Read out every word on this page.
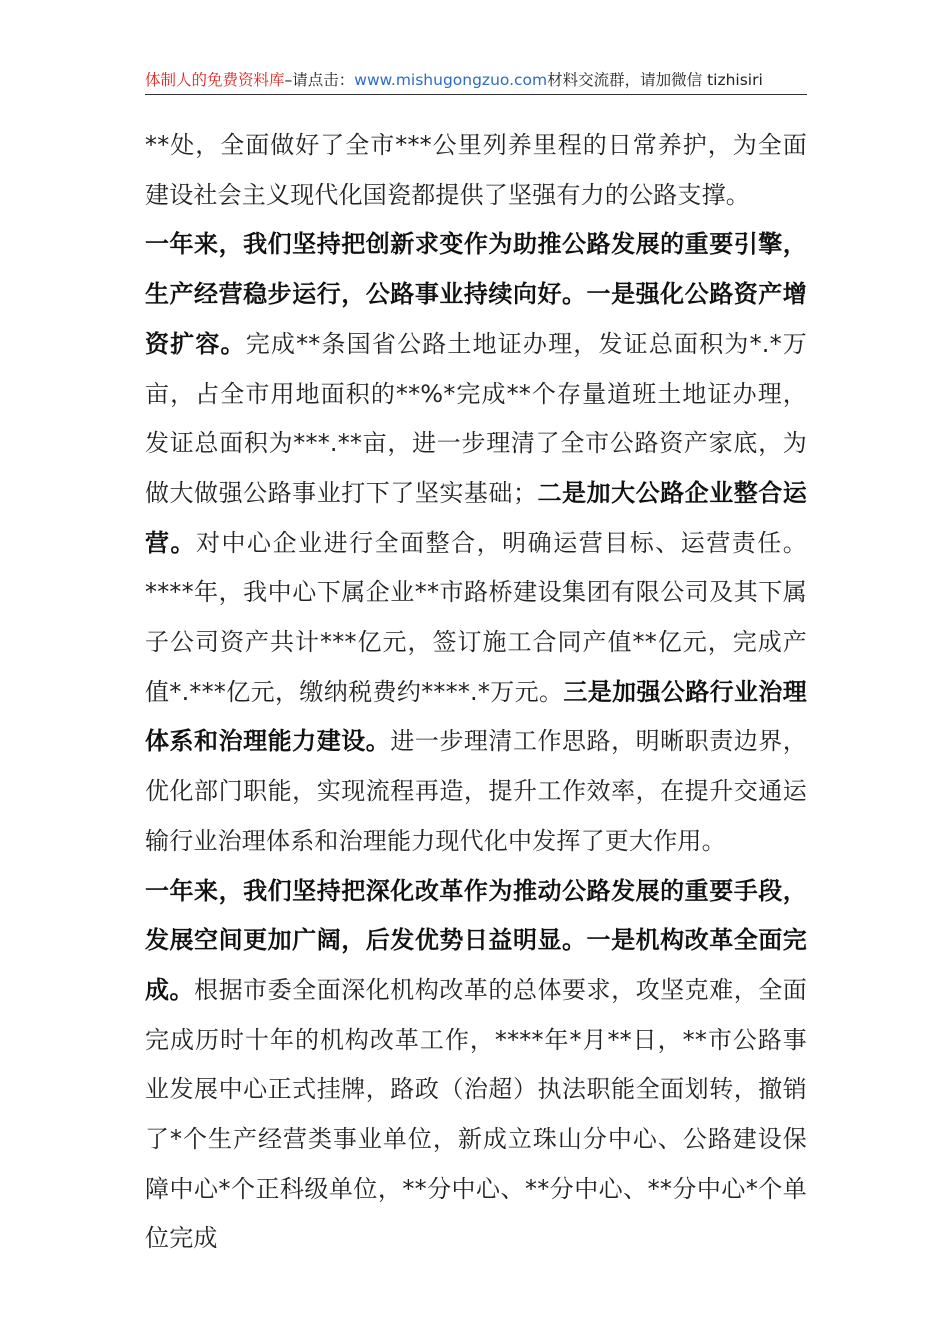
体制人的免费资料库–请点击：www.mishugongzuo.com材料交流群，请加微信 tizhisiri

**处，全面做好了全市***公里列养里程的日常养护，为全面建设社会主义现代化国瓷都提供了坚强有力的公路支撑。

一年来，我们坚持把创新求变作为助推公路发展的重要引擎，生产经营稳步运行，公路事业持续向好。一是强化公路资产增资扩容。完成**条国省公路土地证办理，发证总面积为*.*万亩，占全市用地面积的**%*完成**个存量道班土地证办理，发证总面积为***.**亩，进一步理清了全市公路资产家底，为做大做强公路事业打下了坚实基础；二是加大公路企业整合运营。对中心企业进行全面整合，明确运营目标、运营责任。****年，我中心下属企业**市路桥建设集团有限公司及其下属子公司资产共计***亿元，签订施工合同产值**亿元，完成产值*.***亿元，缴纳税费约****.*万元。三是加强公路行业治理体系和治理能力建设。进一步理清工作思路，明晰职责边界，优化部门职能，实现流程再造，提升工作效率，在提升交通运输行业治理体系和治理能力现代化中发挥了更大作用。

一年来，我们坚持把深化改革作为推动公路发展的重要手段，发展空间更加广阔，后发优势日益明显。一是机构改革全面完成。根据市委全面深化机构改革的总体要求，攻坚克难，全面完成历时十年的机构改革工作，****年*月**日，**市公路事业发展中心正式挂牌，路政（治超）执法职能全面划转，撤销了*个生产经营类事业单位，新成立珠山分中心、公路建设保障中心*个正科级单位，**分中心、**分中心、**分中心*个单位完成
